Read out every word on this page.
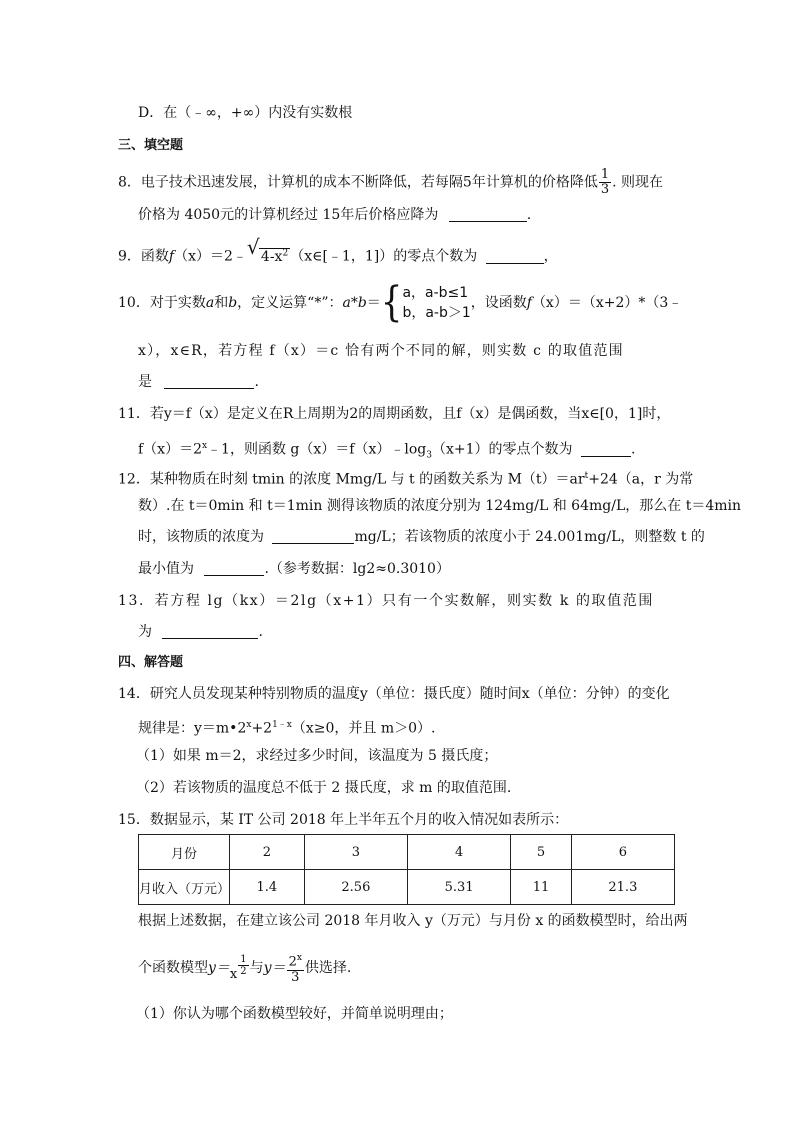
D．在（﹣∞，+∞）内没有实数根
三、填空题
8．电子技术迅速发展，计算机的成本不断降低，若每隔5年计算机的价格降低 $\frac{1}{3}$ . 则现在
价格为 4050元的计算机经过 15年后价格应降为	.
9．函数f（x）＝2﹣ √ $4-x^2$ （x∈[﹣1，1]）的零点个数为	，
10．对于实数a和b，定义运算“*”：a*b＝{ a，a-b≤1
b，a-b＞1
，设函数f（x）＝（x+2）*（3﹣
x），x∈R，若方程 f（x）＝c 恰有两个不同的解，则实数 c 的取值范围
是	.
11．若y＝f（x）是定义在R上周期为2的周期函数，且f（x）是偶函数，当x∈[0，1]时，
$f(x)=2^x﹣1$，则函数 $g(x)=f(x)﹣\log_3(x+1)$的零点个数为	.
12．某种物质在时刻 tmin 的浓度 Mmg/L 与 t 的函数关系为 $M(t)=ar^t+24(a$，r 为常
数）.在 t＝0min 和 t＝1min 测得该物质的浓度分别为 124mg/L 和 64mg/L，那么在 t＝4min
时，该物质的浓度为	mg/L；若该物质的浓度小于 24.001mg/L，则整数 t 的
最小值为	.（参考数据：lg2≈0.3010）
13．若方程 lg（kx）＝2lg（x+1）只有一个实数解，则实数 k 的取值范围
为	.
四、解答题
14．研究人员发现某种特别物质的温度y（单位：摄氏度）随时间x（单位：分钟）的变化
规律是：$y=m•2^x+2^{1﹣x}(x\ge 0$，并且 m＞0）.
（1）如果 m＝2，求经过多少时间，该温度为 5 摄氏度；
（2）若该物质的温度总不低于 2 摄氏度，求 m 的取值范围.
15．数据显示，某 IT 公司 2018 年上半年五个月的收入情况如表所示：
月份	2	3	4	5	6
月收入（万元）	1.4	2.56	5.31	11	21.3
根据上述数据，在建立该公司 2018 年月收入 y（万元）与月份 x 的函数模型时，给出两
个函数模型$y=x \frac{1}{2}$ 与$y= \frac{2^x}{3}$ 供选择.
（1）你认为哪个函数模型较好，并简单说明理由；
